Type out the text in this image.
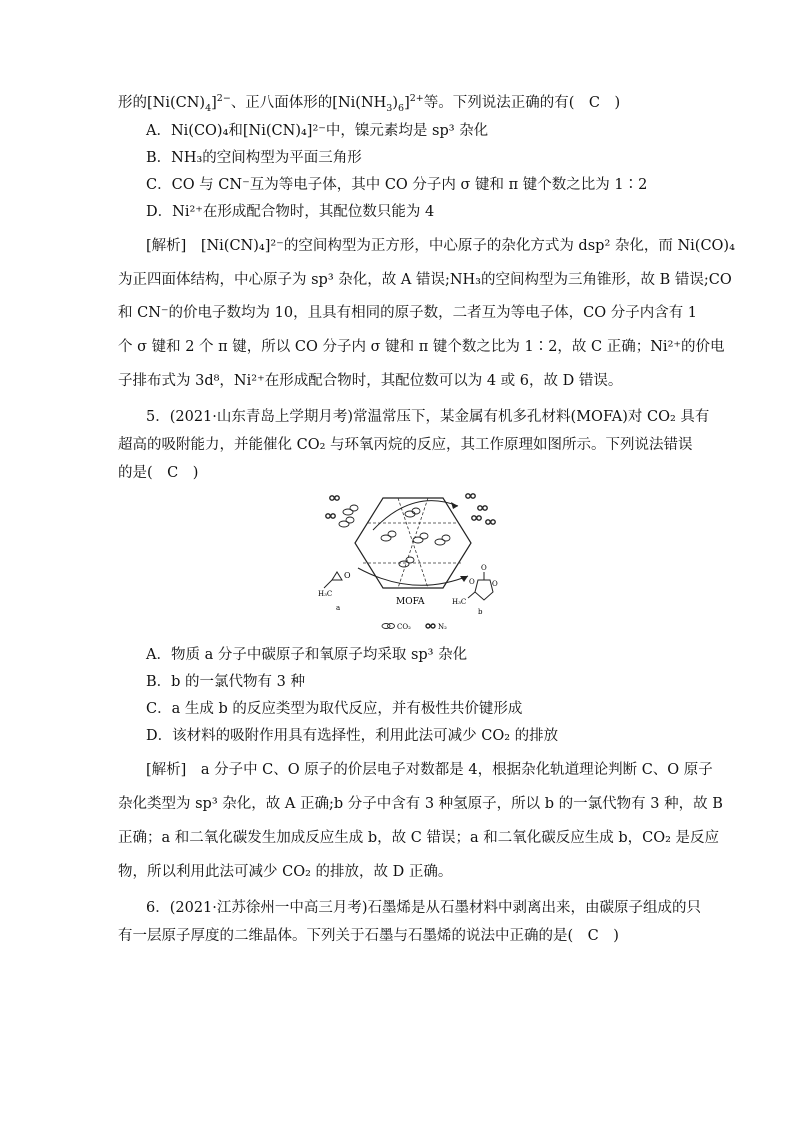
形的$[Ni(CN)_4]^{2-}$、正八面体形的$[Ni(NH_3)_6]^{2+}$等。下列说法正确的有(　C　)
A．Ni(CO)₄和[Ni(CN)₄]²⁻中，镍元素均是 sp³ 杂化
B．NH₃的空间构型为平面三角形
C．CO 与 CN⁻互为等电子体，其中 CO 分子内 σ 键和 π 键个数之比为 1∶2
D．Ni²⁺在形成配合物时，其配位数只能为 4
[解析]　[Ni(CN)₄]²⁻的空间构型为正方形，中心原子的杂化方式为 dsp² 杂化，而 Ni(CO)₄
为正四面体结构，中心原子为 sp³ 杂化，故 A 错误;NH₃的空间构型为三角锥形，故 B 错误;CO
和 CN⁻的价电子数均为 10，且具有相同的原子数，二者互为等电子体，CO 分子内含有 1
个 σ 键和 2 个 π 键，所以 CO 分子内 σ 键和 π 键个数之比为 1∶2，故 C 正确；Ni²⁺的价电
子排布式为 3d⁸，Ni²⁺在形成配合物时，其配位数可以为 4 或 6，故 D 错误。
5．(2021·山东青岛上学期月考)常温常压下，某金属有机多孔材料(MOFA)对 CO₂ 具有
超高的吸附能力，并能催化 CO₂ 与环氧丙烷的反应，其工作原理如图所示。下列说法错误
的是(　C　)
O
H₃C
a
O
O O
H₃C
b
MOFA
CO₂	N₂
A．物质 a 分子中碳原子和氧原子均采取 sp³ 杂化
B．b 的一氯代物有 3 种
C．a 生成 b 的反应类型为取代反应，并有极性共价键形成
D．该材料的吸附作用具有选择性，利用此法可减少 CO₂ 的排放
[解析]　a 分子中 C、O 原子的价层电子对数都是 4，根据杂化轨道理论判断 C、O 原子
杂化类型为 sp³ 杂化，故 A 正确;b 分子中含有 3 种氢原子，所以 b 的一氯代物有 3 种，故 B
正确；a 和二氧化碳发生加成反应生成 b，故 C 错误；a 和二氧化碳反应生成 b，CO₂ 是反应
物，所以利用此法可减少 CO₂ 的排放，故 D 正确。
6．(2021·江苏徐州一中高三月考)石墨烯是从石墨材料中剥离出来，由碳原子组成的只
有一层原子厚度的二维晶体。下列关于石墨与石墨烯的说法中正确的是(　C　)
